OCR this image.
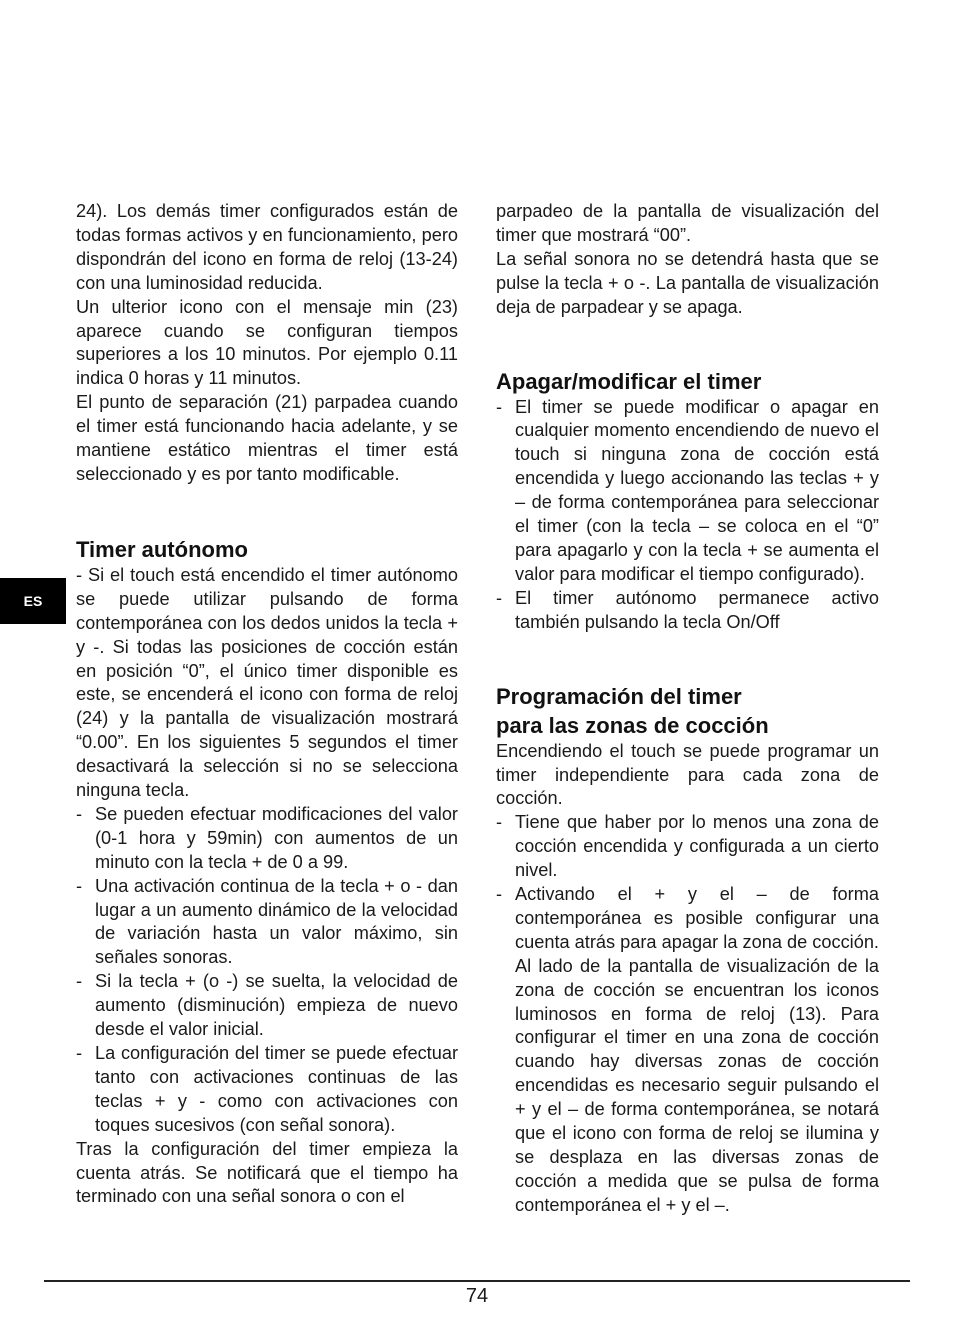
ES

24). Los demás timer configurados están de todas formas activos y en funcionamiento, pero dispondrán del icono en forma de reloj (13-24) con una luminosidad reducida.

Un ulterior icono con el mensaje min (23) aparece cuando se configuran tiempos superiores a los 10 minutos. Por ejemplo 0.11 indica 0 horas y 11 minutos.

El punto de separación (21) parpadea cuando el timer está funcionando hacia adelante, y se mantiene estático mientras el timer está seleccionado y es por tanto modificable.

Timer autónomo

- Si el touch está encendido el timer autónomo se puede utilizar pulsando de forma contemporánea con los dedos unidos la tecla + y -. Si todas las posiciones de cocción están en posición “0”, el único timer disponible es este, se encenderá el icono con forma de reloj (24) y la pantalla de visualización mostrará “0.00”. En los siguientes 5 segundos el timer desactivará la selección si no se selecciona ninguna tecla.

- Se pueden efectuar modificaciones del valor (0-1 hora y 59min) con aumentos de un minuto con la tecla + de 0 a 99.
- Una activación continua de la tecla + o - dan lugar a un aumento dinámico de la velocidad de variación hasta un valor máximo, sin señales sonoras.
- Si la tecla + (o -) se suelta, la velocidad de aumento (disminución) empieza de nuevo desde el valor inicial.
- La configuración del timer se puede efectuar tanto con activaciones continuas de las teclas + y - como con activaciones con toques sucesivos (con señal sonora).

Tras la configuración del timer empieza la cuenta atrás. Se notificará que el tiempo ha terminado con una señal sonora o con el

parpadeo de la pantalla de visualización del timer que mostrará “00”.

La señal sonora no se detendrá hasta que se pulse la tecla + o -. La pantalla de visualización deja de parpadear y se apaga.

Apagar/modificar el timer
- El timer se puede modificar o apagar en cualquier momento encendiendo de nuevo el touch si ninguna zona de cocción está encendida y luego accionando las teclas + y – de forma contemporánea para seleccionar el timer (con la tecla – se coloca en el “0” para apagarlo y con la tecla + se aumenta el valor para modificar el tiempo configurado).
- El timer autónomo permanece activo también pulsando la tecla On/Off
Programación del timer
para las zonas de cocción

Encendiendo el touch se puede programar un timer independiente para cada zona de cocción.

- Tiene que haber por lo menos una zona de cocción encendida y configurada a un cierto nivel.
- Activando el + y el – de forma contemporánea es posible configurar una cuenta atrás para apagar la zona de cocción. Al lado de la pantalla de visualización de la zona de cocción se encuentran los iconos luminosos en forma de reloj (13). Para configurar el timer en una zona de cocción cuando hay diversas zonas de cocción encendidas es necesario seguir pulsando el + y el – de forma contemporánea, se notará que el icono con forma de reloj se ilumina y se desplaza en las diversas zonas de cocción a medida que se pulsa de forma contemporánea el + y el –.
74
